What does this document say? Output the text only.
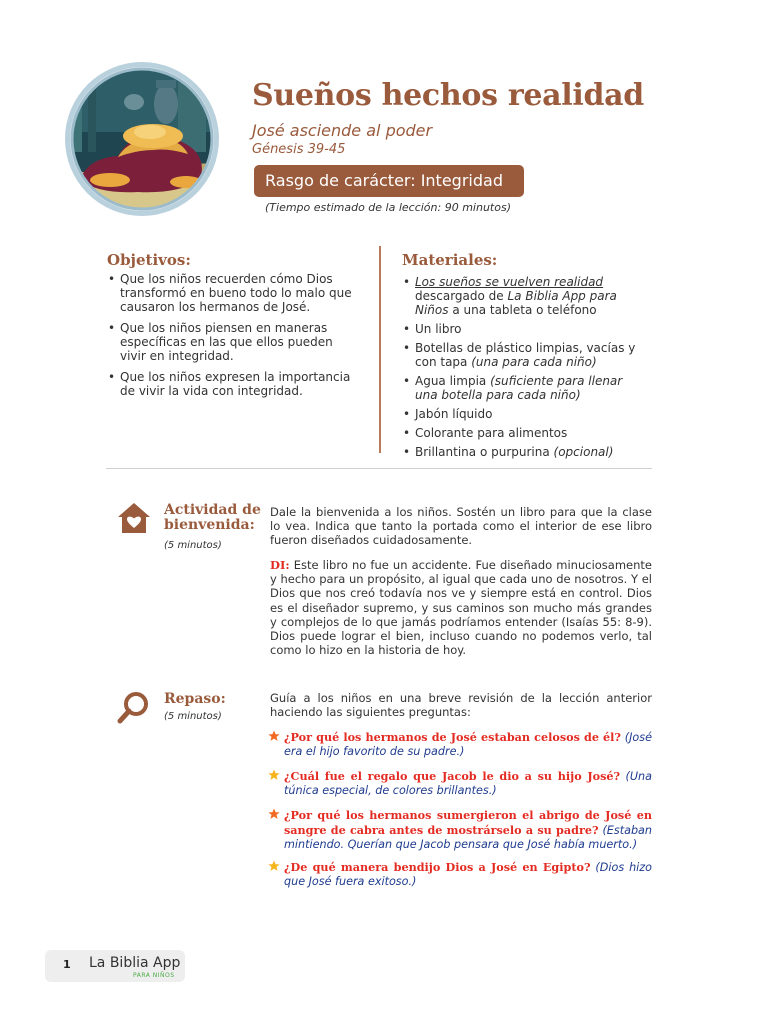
Sueños hechos realidad
José asciende al poder
Génesis 39-45
Rasgo de carácter: Integridad
(Tiempo estimado de la lección: 90 minutos)
Objetivos:
• Que los niños recuerden cómo Dios transformó en bueno todo lo malo que causaron los hermanos de José.
• Que los niños piensen en maneras específicas en las que ellos pueden vivir en integridad.
• Que los niños expresen la importancia de vivir la vida con integridad.
Materiales:
• Los sueños se vuelven realidad descargado de La Biblia App para Niños a una tableta o teléfono
• Un libro
• Botellas de plástico limpias, vacías y con tapa (una para cada niño)
• Agua limpia (suficiente para llenar una botella para cada niño)
• Jabón líquido
• Colorante para alimentos
• Brillantina o purpurina (opcional)
Actividad de bienvenida:
(5 minutos)
Dale la bienvenida a los niños. Sostén un libro para que la clase lo vea. Indica que tanto la portada como el interior de ese libro fueron diseñados cuidadosamente.
DI: Este libro no fue un accidente. Fue diseñado minuciosamente y hecho para un propósito, al igual que cada uno de nosotros. Y el Dios que nos creó todavía nos ve y siempre está en control. Dios es el diseñador supremo, y sus caminos son mucho más grandes y complejos de lo que jamás podríamos entender (Isaías 55: 8-9). Dios puede lograr el bien, incluso cuando no podemos verlo, tal como lo hizo en la historia de hoy.
Repaso:
(5 minutos)
Guía a los niños en una breve revisión de la lección anterior haciendo las siguientes preguntas:
¿Por qué los hermanos de José estaban celosos de él? (José era el hijo favorito de su padre.)
¿Cuál fue el regalo que Jacob le dio a su hijo José? (Una túnica especial, de colores brillantes.)
¿Por qué los hermanos sumergieron el abrigo de José en sangre de cabra antes de mostrárselo a su padre? (Estaban mintiendo. Querían que Jacob pensara que José había muerto.)
¿De qué manera bendijo Dios a José en Egipto? (Dios hizo que José fuera exitoso.)
1 La Biblia App
PARA NIÑOS
